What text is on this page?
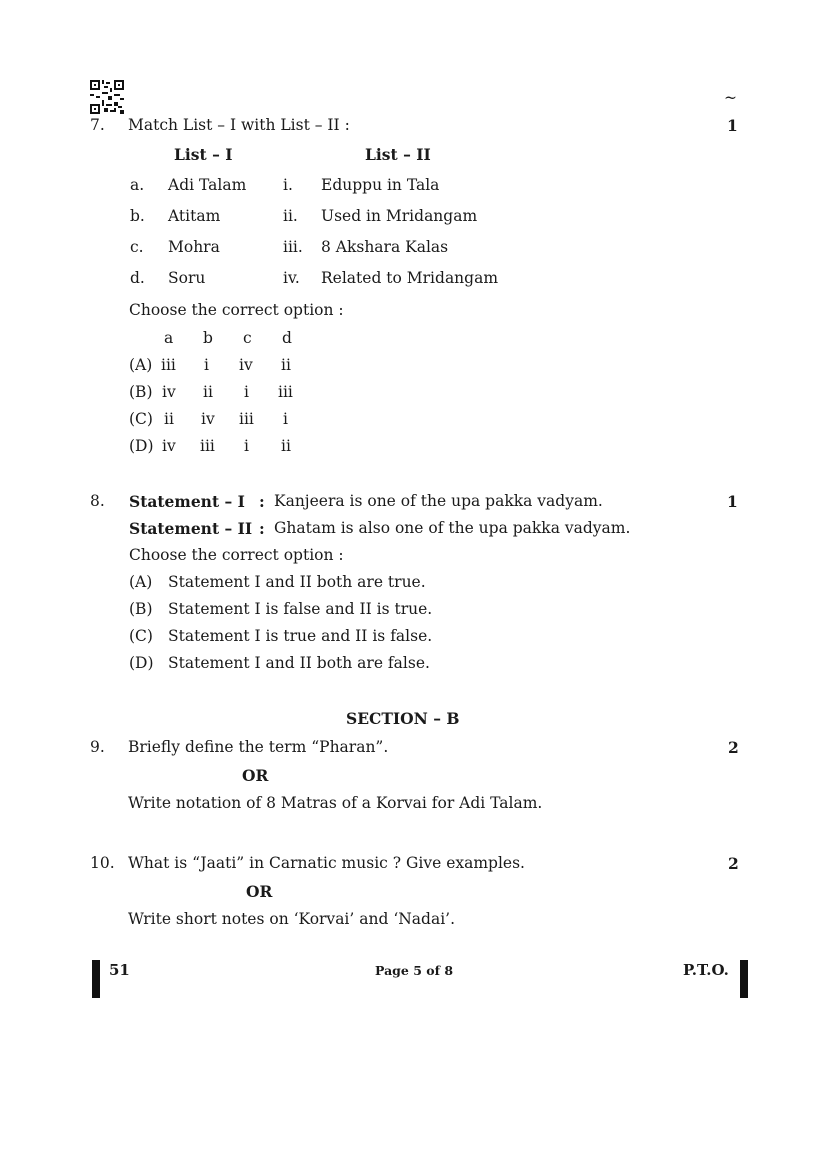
~
7. Match List – I with List – II :	1
List – I	List – II
a. Adi Talam i. Eduppu in Tala
b. Atitam	ii. Used in Mridangam
c. Mohra	iii. 8 Akshara Kalas
d. Soru	iv. Related to Mridangam
Choose the correct option :
a b c d
(A) iii i iv ii
(B) iv ii i iii
(C) ii iv iii i
(D) iv iii i ii
8. Statement – I : Kanjeera is one of the upa pakka vadyam.	1
Statement – II : Ghatam is also one of the upa pakka vadyam.
Choose the correct option :
(A) Statement I and II both are true.
(B) Statement I is false and II is true.
(C) Statement I is true and II is false.
(D) Statement I and II both are false.
SECTION – B
9. Briefly define the term “Pharan”.	2
OR
Write notation of 8 Matras of a Korvai for Adi Talam.
10. What is “Jaati” in Carnatic music ? Give examples.	2
OR
Write short notes on ‘Korvai’ and ‘Nadai’.
51	Page 5 of 8	P.T.O.
